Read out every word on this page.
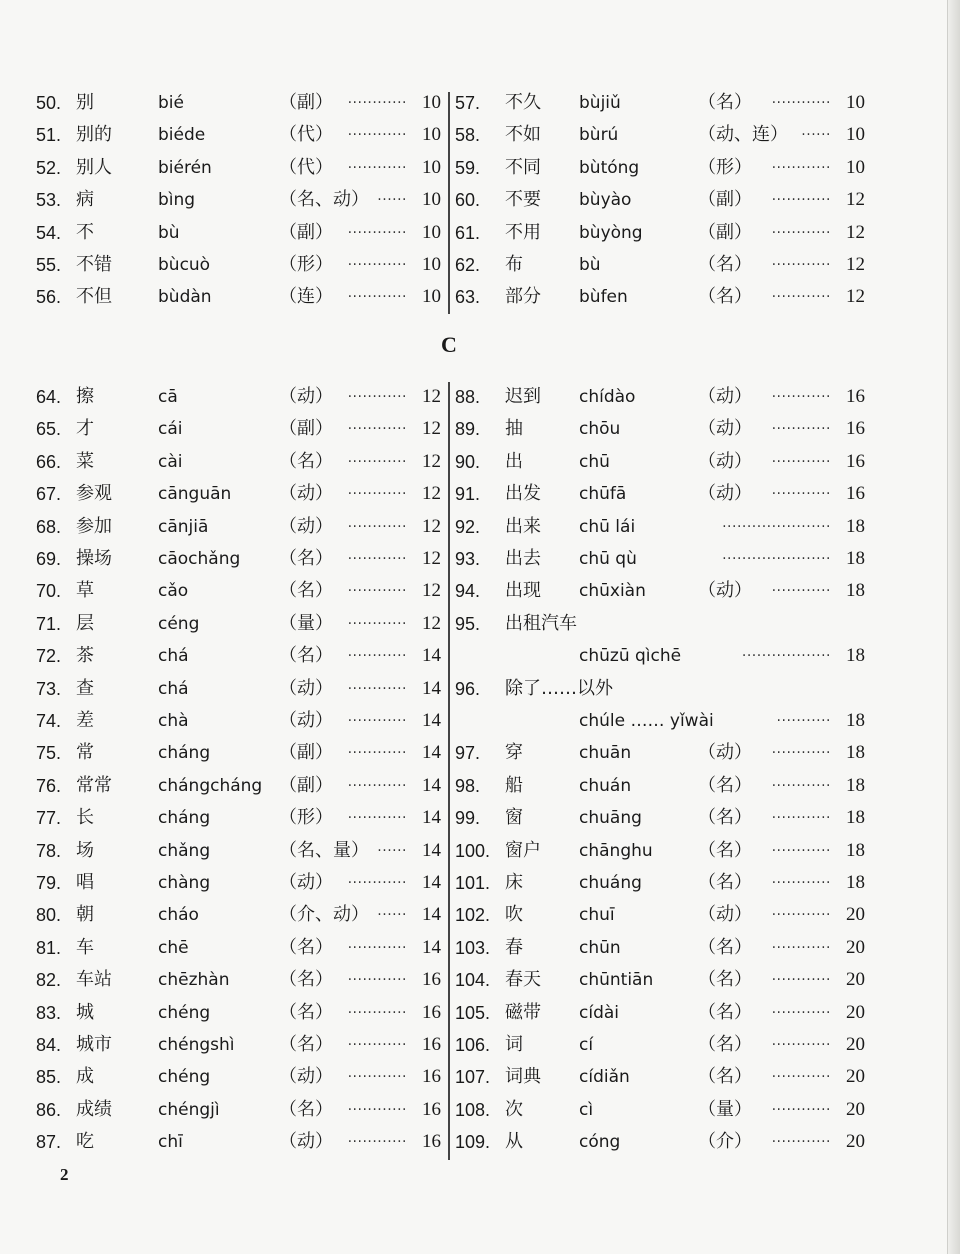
C
50. 别	bié	（副） ············ 10
51. 别的	biéde	（代） ············ 10
52. 别人	biérén	（代） ············ 10
53. 病	bìng	（名、动） ······ 10
54. 不	bù	（副） ············ 10
55. 不错	bùcuò	（形） ············ 10
56. 不但	bùdàn	（连） ············ 10
57. 不久 bùjiǔ	（名） ············ 10
58. 不如 bùrú	（动、连） ······ 10
59. 不同 bùtóng	（形） ············ 10
60. 不要 bùyào	（副） ············ 12
61. 不用 bùyòng	（副） ············ 12
62. 布	bù	（名） ············ 12
63. 部分 bùfen	（名） ············ 12
64. 擦	cā	（动） ············ 12
65. 才	cái	（副） ············ 12
66. 菜	cài	（名） ············ 12
67. 参观	cānguān	（动） ············ 12
68. 参加	cānjiā	（动） ············ 12
69. 操场	cāochǎng （名） ············ 12
70. 草	cǎo	（名） ············ 12
71. 层	céng	（量） ············ 12
72. 茶	chá	（名） ············ 14
73. 查	chá	（动） ············ 14
74. 差	chà	（动） ············ 14
75. 常	cháng	（副） ············ 14
76. 常常	chángcháng （副） ············ 14
77. 长	cháng	（形） ············ 14
78. 场	chǎng	（名、量） ······ 14
79. 唱	chàng	（动） ············ 14
80. 朝	cháo	（介、动） ······ 14
81. 车	chē	（名） ············ 14
82. 车站	chēzhàn	（名） ············ 16
83. 城	chéng	（名） ············ 16
84. 城市	chéngshì （名） ············ 16
85. 成	chéng	（动） ············ 16
86. 成绩	chéngjì	（名） ············ 16
87. 吃	chī	（动） ············ 16
88. 迟到 chídào	（动） ············ 16
89. 抽	chōu	（动） ············ 16
90. 出	chū	（动） ············ 16
91. 出发 chūfā	（动） ············ 16
92. 出来 chū lái	······················ 18
93. 出去 chū qù	······················ 18
94. 出现 chūxiàn	（动） ············ 18
95. 出租汽车
chūzū qìchē	·················· 18
96. 除了……以外
chúle …… yǐwài	··········· 18
97. 穿	chuān	（动） ············ 18
98. 船	chuán	（名） ············ 18
99. 窗	chuāng	（名） ············ 18
100. 窗户 chānghu	（名） ············ 18
101. 床	chuáng	（名） ············ 18
102. 吹	chuī	（动） ············ 20
103. 春	chūn	（名） ············ 20
104. 春天 chūntiān （名） ············ 20
105. 磁带 cídài	（名） ············ 20
106. 词	cí	（名） ············ 20
107. 词典 cídiǎn	（名） ············ 20
108. 次	cì	（量） ············ 20
109. 从	cóng	（介） ············ 20
2
